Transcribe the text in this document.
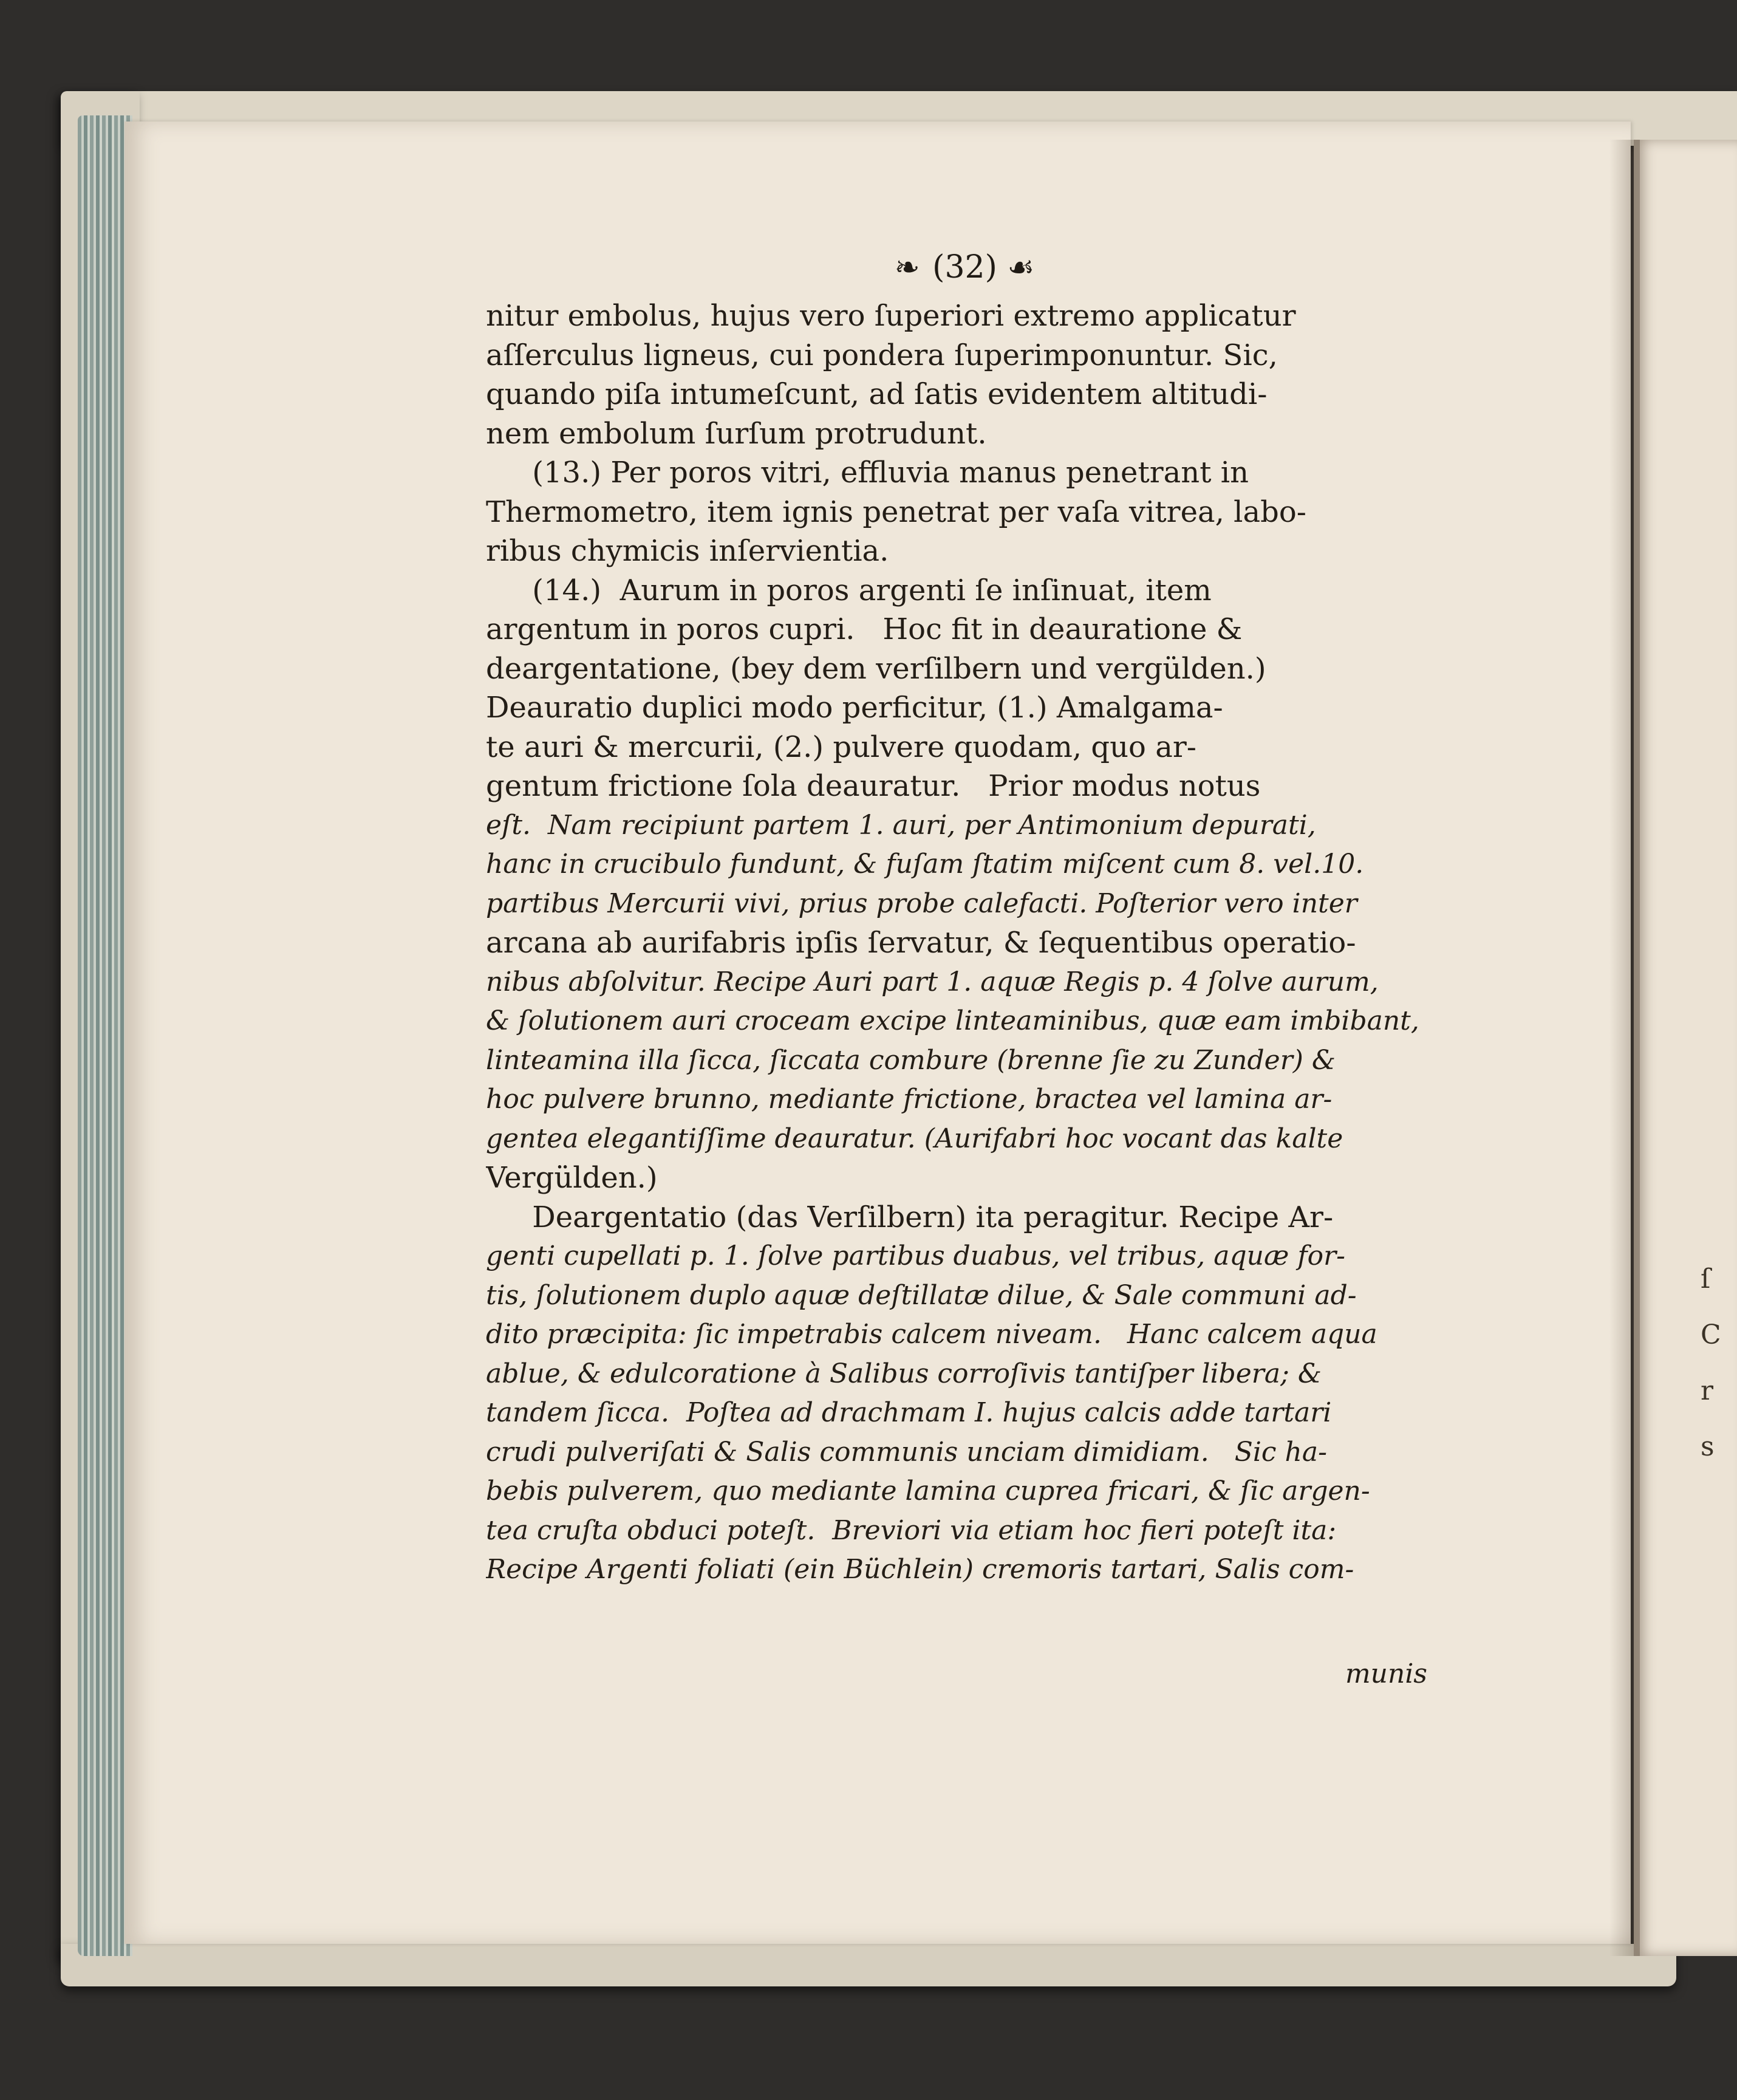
ſ
C
r
s
❧ (32) ☙
nitur embolus, hujus vero ſuperiori extremo applicatur
aſſerculus ligneus, cui pondera ſuperimponuntur. Sic,
quando piſa intumeſcunt, ad ſatis evidentem altitudi-
nem embolum ſurſum protrudunt.
(13.) Per poros vitri, effluvia manus penetrant in
Thermometro, item ignis penetrat per vaſa vitrea, labo-
ribus chymicis inſervientia.
(14.)  Aurum in poros argenti ſe inſinuat, item
argentum in poros cupri.   Hoc fit in deauratione &
deargentatione, (bey dem verſilbern und vergülden.)
Deauratio duplici modo perficitur, (1.) Amalgama-
te auri & mercurii, (2.) pulvere quodam, quo ar-
gentum frictione ſola deauratur.   Prior modus notus
eſt.  Nam recipiunt partem 1. auri, per Antimonium depurati,
hanc in crucibulo fundunt, & fuſam ſtatim miſcent cum 8. vel.10.
partibus Mercurii vivi, prius probe calefacti. Poſterior vero inter
arcana ab aurifabris ipſis ſervatur, & ſequentibus operatio-
nibus abſolvitur. Recipe Auri part 1. aquæ Regis p. 4 ſolve aurum,
& ſolutionem auri croceam excipe linteaminibus, quæ eam imbibant,
linteamina illa ſicca, ſiccata combure (brenne ſie zu Zunder) &
hoc pulvere brunno, mediante frictione, bractea vel lamina ar-
gentea elegantiſſime deauratur. (Aurifabri hoc vocant das kalte
Vergülden.)
Deargentatio (das Verſilbern) ita peragitur. Recipe Ar-
genti cupellati p. 1. ſolve partibus duabus, vel tribus, aquæ for-
tis, ſolutionem duplo aquæ deſtillatæ dilue, & Sale communi ad-
dito præcipita: ſic impetrabis calcem niveam.   Hanc calcem aqua
ablue, & edulcoratione à Salibus corroſivis tantiſper libera; &
tandem ſicca.  Poſtea ad drachmam I. hujus calcis adde tartari
crudi pulveriſati & Salis communis unciam dimidiam.   Sic ha-
bebis pulverem, quo mediante lamina cuprea fricari, & ſic argen-
tea cruſta obduci poteſt.  Breviori via etiam hoc fieri poteſt ita:
Recipe Argenti foliati (ein Büchlein) cremoris tartari, Salis com-
munis
